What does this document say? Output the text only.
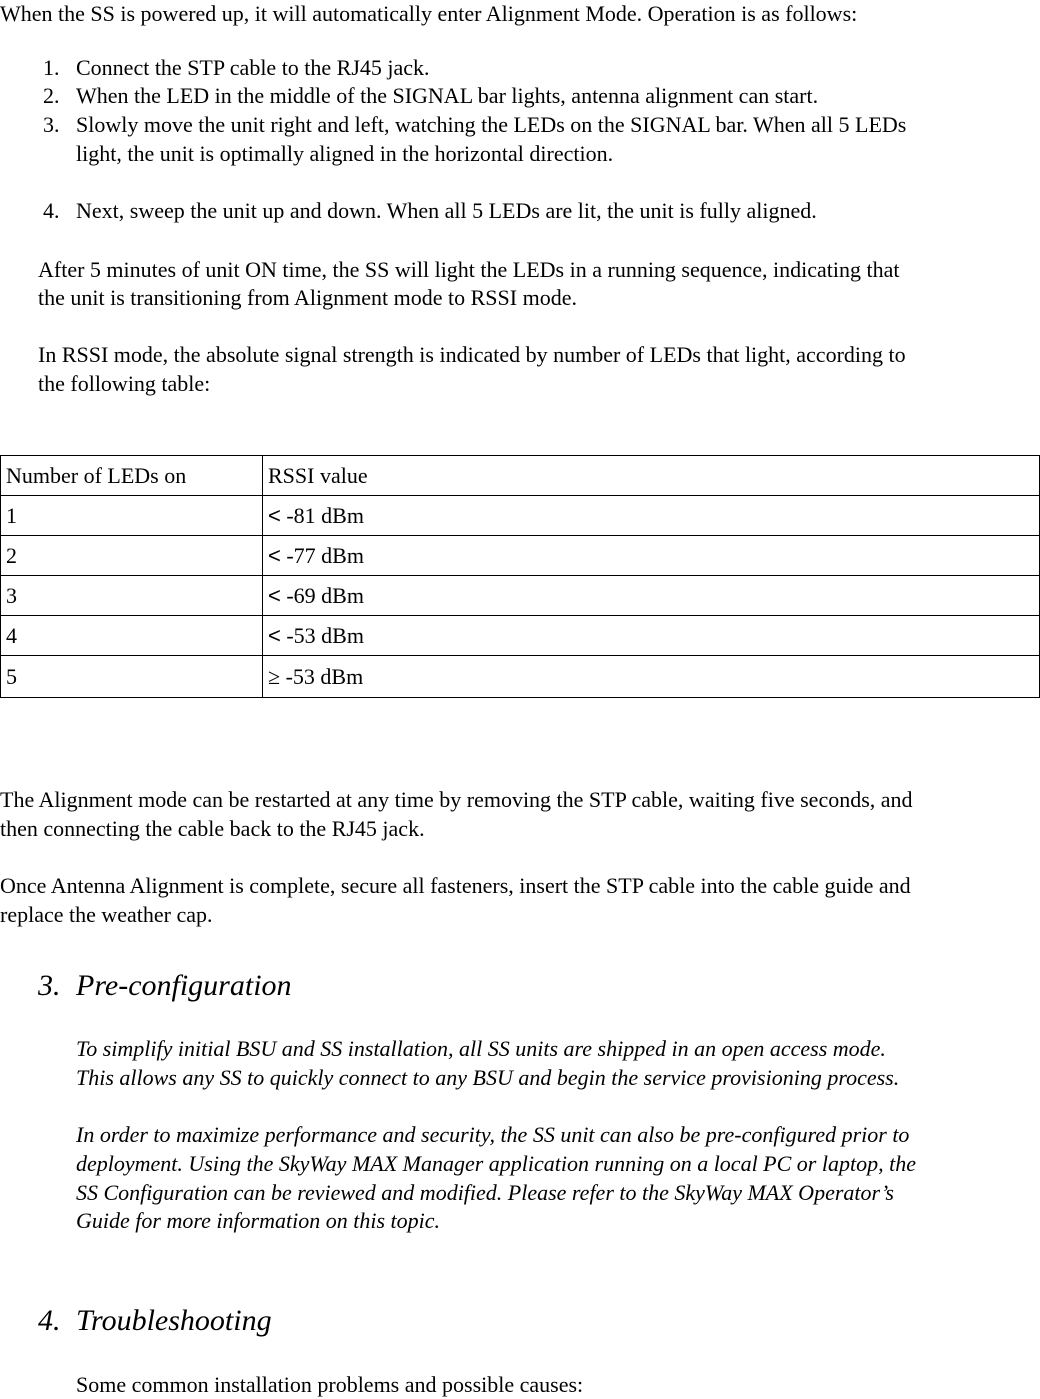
When the SS is powered up, it will automatically enter Alignment Mode. Operation is as follows:
1. Connect the STP cable to the RJ45 jack.
2. When the LED in the middle of the SIGNAL bar lights, antenna alignment can start.
3. Slowly move the unit right and left, watching the LEDs on the SIGNAL bar. When all 5 LEDs
light, the unit is optimally aligned in the horizontal direction.
4. Next, sweep the unit up and down. When all 5 LEDs are lit, the unit is fully aligned.
After 5 minutes of unit ON time, the SS will light the LEDs in a running sequence, indicating that
the unit is transitioning from Alignment mode to RSSI mode.
In RSSI mode, the absolute signal strength is indicated by number of LEDs that light, according to
the following table:
Number of LEDs on	RSSI value
1	< -81 dBm
2	< -77 dBm
3	< -69 dBm
4	< -53 dBm
5	≥ -53 dBm
The Alignment mode can be restarted at any time by removing the STP cable, waiting five seconds, and
then connecting the cable back to the RJ45 jack.
Once Antenna Alignment is complete, secure all fasteners, insert the STP cable into the cable guide and
replace the weather cap.
3. Pre-configuration
To simplify initial BSU and SS installation, all SS units are shipped in an open access mode.
This allows any SS to quickly connect to any BSU and begin the service provisioning process.
In order to maximize performance and security, the SS unit can also be pre-configured prior to
deployment. Using the SkyWay MAX Manager application running on a local PC or laptop, the
SS Configuration can be reviewed and modified. Please refer to the SkyWay MAX Operator’s
Guide for more information on this topic.
4. Troubleshooting
Some common installation problems and possible causes:
